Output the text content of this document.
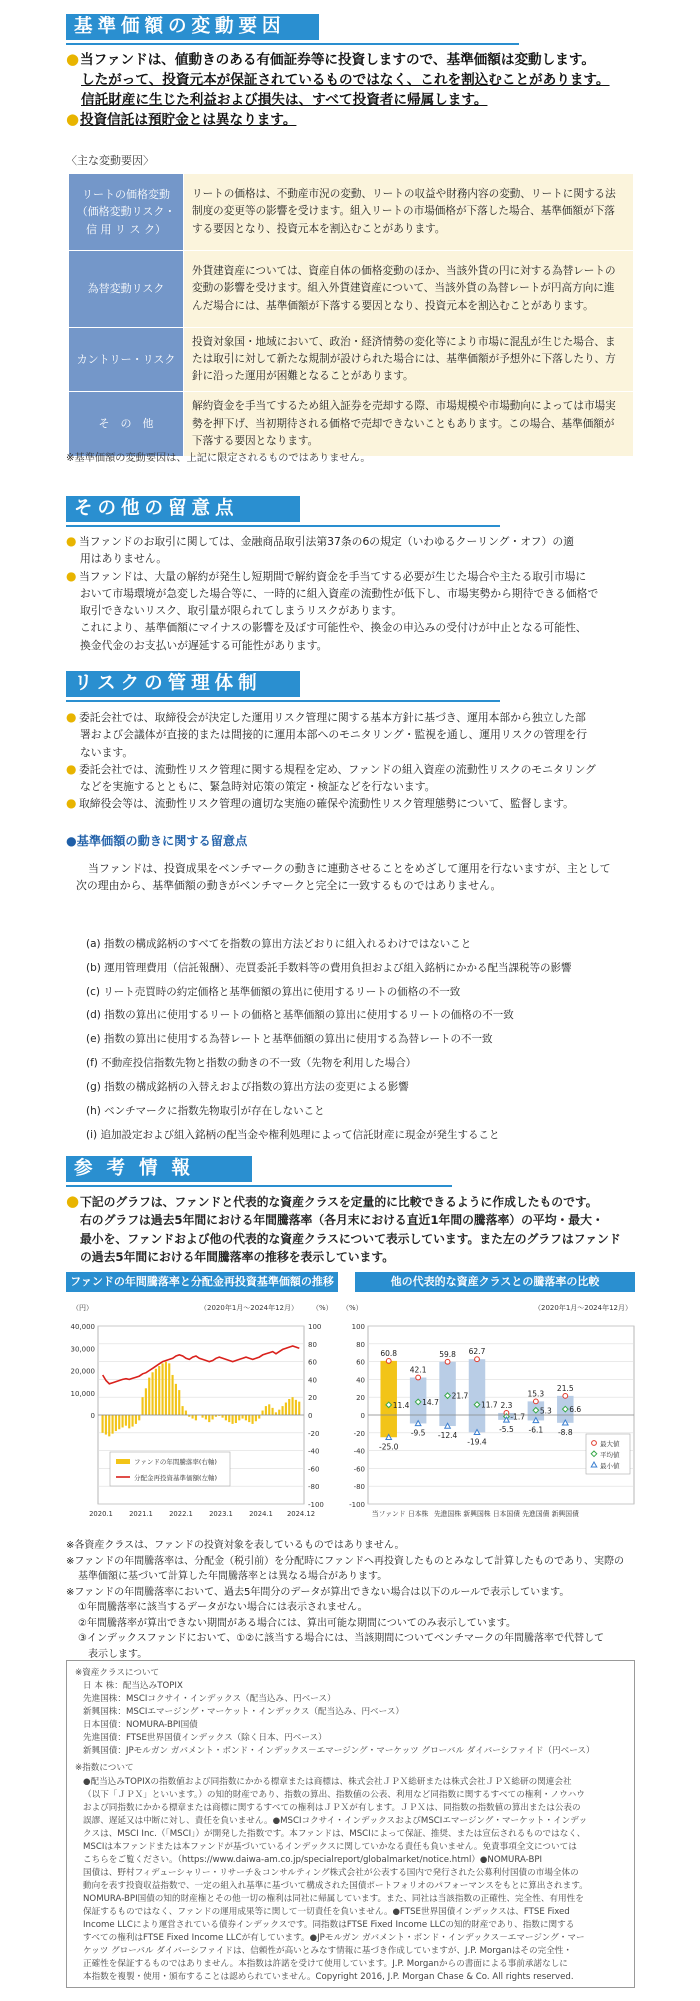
基準価額の変動要因

●当ファンドは、値動きのある有価証券等に投資しますので、基準価額は変動します。

したがって、投資元本が保証されているものではなく、これを割込むことがあります。

信託財産に生じた利益および損失は、すべて投資者に帰属します。

●投資信託は預貯金とは異なります。

〈主な変動要因〉
リートの価格変動
（価格変動リスク・
信 用 リ ス ク）	リートの価格は、不動産市況の変動、リートの収益や財務内容の変動、リートに関する法制度の変更等の影響を受けます。組入リートの市場価格が下落した場合、基準価額が下落する要因となり、投資元本を割込むことがあります。
為替変動リスク	外貨建資産については、資産自体の価格変動のほか、当該外貨の円に対する為替レートの変動の影響を受けます。組入外貨建資産について、当該外貨の為替レートが円高方向に進んだ場合には、基準価額が下落する要因となり、投資元本を割込むことがあります。
カントリー・リスク	投資対象国・地域において、政治・経済情勢の変化等により市場に混乱が生じた場合、または取引に対して新たな規制が設けられた場合には、基準価額が予想外に下落したり、方針に沿った運用が困難となることがあります。
そ　の　他	解約資金を手当てするため組入証券を売却する際、市場規模や市場動向によっては市場実勢を押下げ、当初期待される価格で売却できないこともあります。この場合、基準価額が下落する要因となります。
※基準価額の変動要因は、上記に限定されるものではありません。
その他の留意点

● 当ファンドのお取引に関しては、金融商品取引法第37条の6の規定（いわゆるクーリング・オフ）の適

用はありません。

● 当ファンドは、大量の解約が発生し短期間で解約資金を手当てする必要が生じた場合や主たる取引市場に

おいて市場環境が急変した場合等に、一時的に組入資産の流動性が低下し、市場実勢から期待できる価格で

取引できないリスク、取引量が限られてしまうリスクがあります。

これにより、基準価額にマイナスの影響を及ぼす可能性や、換金の申込みの受付けが中止となる可能性、

換金代金のお支払いが遅延する可能性があります。

リスクの管理体制

● 委託会社では、取締役会が決定した運用リスク管理に関する基本方針に基づき、運用本部から独立した部

署および会議体が直接的または間接的に運用本部へのモニタリング・監視を通し、運用リスクの管理を行

ないます。

● 委託会社では、流動性リスク管理に関する規程を定め、ファンドの組入資産の流動性リスクのモニタリング

などを実施するとともに、緊急時対応策の策定・検証などを行ないます。

● 取締役会等は、流動性リスク管理の適切な実施の確保や流動性リスク管理態勢について、監督します。

●基準価額の動きに関する留意点

当ファンドは、投資成果をベンチマークの動きに連動させることをめざして運用を行ないますが、主として

次の理由から、基準価額の動きがベンチマークと完全に一致するものではありません。

(a) 指数の構成銘柄のすべてを指数の算出方法どおりに組入れるわけではないこと

(b) 運用管理費用（信託報酬）、売買委託手数料等の費用負担および組入銘柄にかかる配当課税等の影響

(c) リート売買時の約定価格と基準価額の算出に使用するリートの価格の不一致

(d) 指数の算出に使用するリートの価格と基準価額の算出に使用するリートの価格の不一致

(e) 指数の算出に使用する為替レートと基準価額の算出に使用する為替レートの不一致

(f) 不動産投信指数先物と指数の動きの不一致（先物を利用した場合）

(g) 指数の構成銘柄の入替えおよび指数の算出方法の変更による影響

(h) ベンチマークに指数先物取引が存在しないこと

(i) 追加設定および組入銘柄の配当金や権利処理によって信託財産に現金が発生すること

参考情報

●下記のグラフは、ファンドと代表的な資産クラスを定量的に比較できるように作成したものです。

右のグラフは過去5年間における年間騰落率（各月末における直近1年間の騰落率）の平均・最大・

最小を、ファンドおよび他の代表的な資産クラスについて表示しています。また左のグラフはファンド

の過去5年間における年間騰落率の推移を表示しています。

ファンドの年間騰落率と分配金再投資基準価額の推移
（円）	（%）
（2020年1月～2024年12月）
100
80
60
40
20
0
-20
-40
-60
-80
-100
40,000
30,000
20,000
10,000
0
2020.1 2021.1 2022.1 2023.1 2024.1 2024.12
ファンドの年間騰落率(右軸)
分配金再投資基準価額(左軸)
他の代表的な資産クラスとの騰落率の比較
（%）	（2020年1月～2024年12月）
100
80
60
40
20
0
-20
-40
-60
-80
-100
60.8
11.4
-25.0
当ファンド
42.1
14.7
-9.5
日本株
59.8
21.7
-12.4
先進国株
62.7
11.7
-19.4
新興国株
2.3
-1.7
-5.5
日本国債
15.3
5.3
-6.1
先進国債
21.5
6.6
-8.8
新興国債
最大値
平均値
最小値

※各資産クラスは、ファンドの投資対象を表しているものではありません。

※ファンドの年間騰落率は、分配金（税引前）を分配時にファンドへ再投資したものとみなして計算したものであり、実際の

基準価額に基づいて計算した年間騰落率とは異なる場合があります。

※ファンドの年間騰落率において、過去5年間分のデータが算出できない場合は以下のルールで表示しています。

①年間騰落率に該当するデータがない場合には表示されません。

②年間騰落率が算出できない期間がある場合には、算出可能な期間についてのみ表示しています。

③インデックスファンドにおいて、①②に該当する場合には、当該期間についてベンチマークの年間騰落率で代替して

表示します。

※資産クラスについて

日 本 株：配当込みTOPIX

先進国株：MSCIコクサイ・インデックス（配当込み、円ベース）

新興国株：MSCIエマージング・マーケット・インデックス（配当込み、円ベース）

日本国債：NOMURA-BPI国債

先進国債：FTSE世界国債インデックス（除く日本、円ベース）

新興国債：JPモルガン ガバメント・ボンド・インデックス－エマージング・マーケッツ グローバル ダイバーシファイド（円ベース）

※指数について

●配当込みTOPIXの指数値および同指数にかかる標章または商標は、株式会社ＪＰＸ総研または株式会社ＪＰＸ総研の関連会社

（以下「ＪＰＸ」といいます。）の知的財産であり、指数の算出、指数値の公表、利用など同指数に関するすべての権利・ノウハウ

および同指数にかかる標章または商標に関するすべての権利はＪＰＸが有します。ＪＰＸは、同指数の指数値の算出または公表の

誤謬、遅延又は中断に対し、責任を負いません。●MSCIコクサイ・インデックスおよびMSCIエマージング・マーケット・インデッ

クスは、MSCI Inc.（「MSCI」）が開発した指数です。本ファンドは、MSCIによって保証、推奨、または宣伝されるものではなく、

MSCIは本ファンドまたは本ファンドが基づいているインデックスに関していかなる責任も負いません。免責事項全文については

こちらをご覧ください。（https://www.daiwa-am.co.jp/specialreport/globalmarket/notice.html）●NOMURA-BPI

国債は、野村フィデューシャリー・リサーチ＆コンサルティング株式会社が公表する国内で発行された公募利付国債の市場全体の

動向を表す投資収益指数で、一定の組入れ基準に基づいて構成された国債ポートフォリオのパフォーマンスをもとに算出されます。

NOMURA-BPI国債の知的財産権とその他一切の権利は同社に帰属しています。また、同社は当該指数の正確性、完全性、有用性を

保証するものではなく、ファンドの運用成果等に関して一切責任を負いません。●FTSE世界国債インデックスは、FTSE Fixed

Income LLCにより運営されている債券インデックスです。同指数はFTSE Fixed Income LLCの知的財産であり、指数に関する

すべての権利はFTSE Fixed Income LLCが有しています。●JPモルガン ガバメント・ボンド・インデックス－エマージング・マー

ケッツ グローバル ダイバーシファイドは、信頼性が高いとみなす情報に基づき作成していますが、J.P. Morganはその完全性・

正確性を保証するものではありません。本指数は許諾を受けて使用しています。J.P. Morganからの書面による事前承諾なしに

本指数を複製・使用・頒布することは認められていません。Copyright 2016, J.P. Morgan Chase & Co. All rights reserved.
